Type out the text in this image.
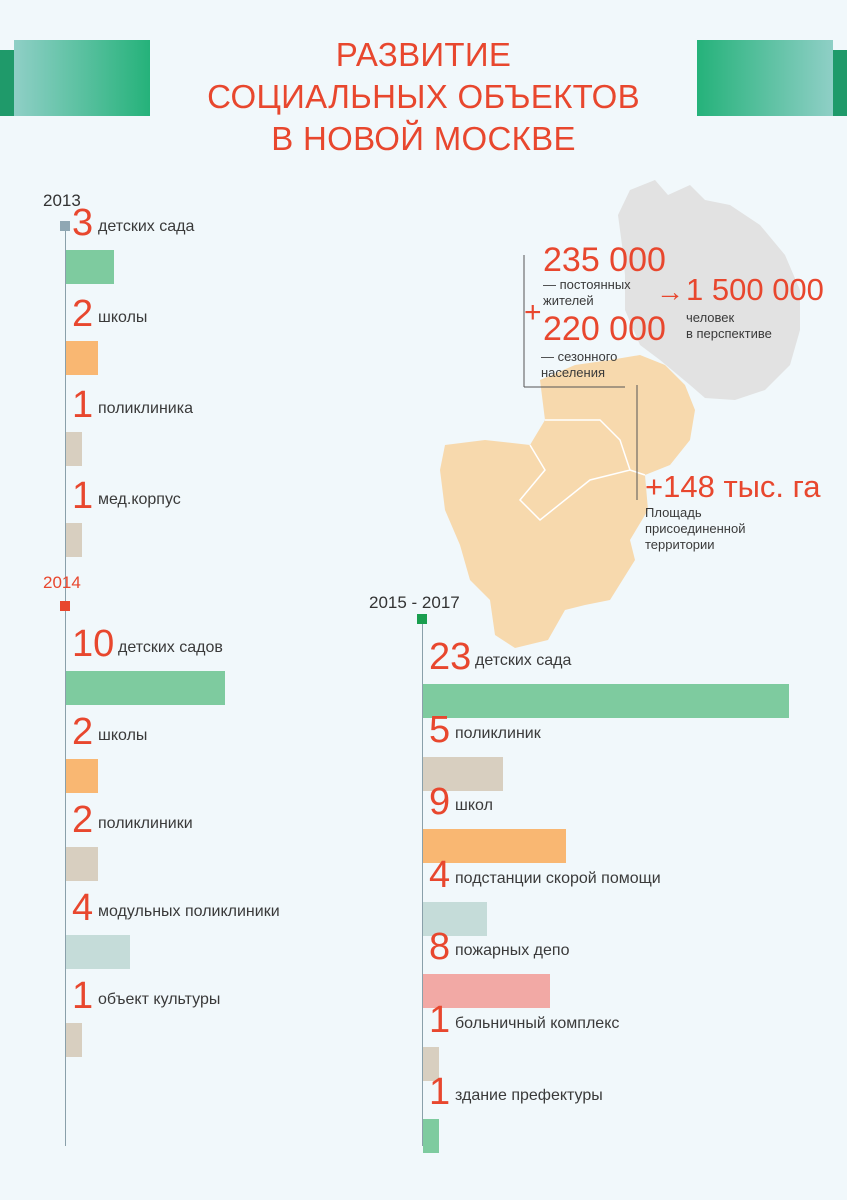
РАЗВИТИЕ
СОЦИАЛЬНЫХ ОБЪЕКТОВ
В НОВОЙ МОСКВЕ
235 000
— постоянных
жителей
+ 220 000
— сезонного
населения
→ 1 500 000
человек
в перспективе
+148 тыс. га
Площадь
присоединенной
территории
2013
3 детских сада
2 школы
1 поликлиника
1 мед.корпус
2014
10 детских садов
2 школы
2 поликлиники
4 модульных поликлиники
1 объект культуры
2015 - 2017
23 детских сада
5 поликлиник
9 школ
4 подстанции скорой помощи
8 пожарных депо
1 больничный комплекс
1 здание префектуры
